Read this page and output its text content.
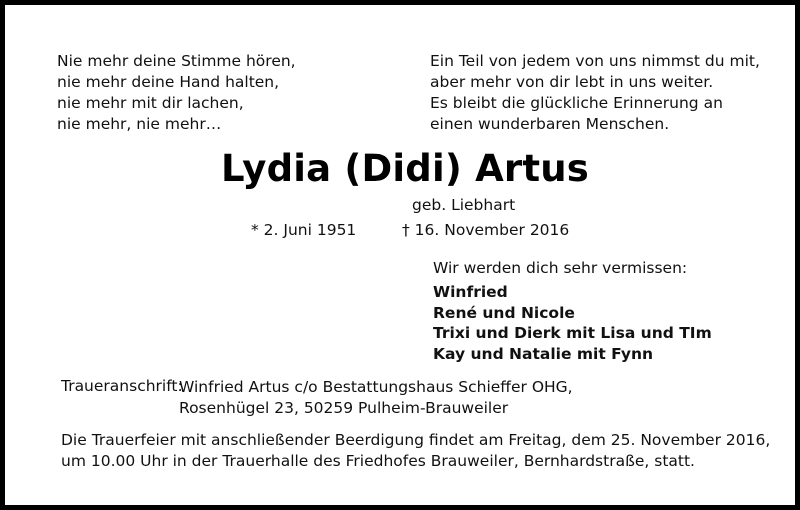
Nie mehr deine Stimme hören,
nie mehr deine Hand halten,
nie mehr mit dir lachen,
nie mehr, nie mehr…
Ein Teil von jedem von uns nimmst du mit,
aber mehr von dir lebt in uns weiter.
Es bleibt die glückliche Erinnerung an
einen wunderbaren Menschen.
Lydia (Didi) Artus
geb. Liebhart
* 2. Juni 1951	† 16. November 2016
Wir werden dich sehr vermissen:
Winfried
René und Nicole
Trixi und Dierk mit Lisa und TIm
Kay und Natalie mit Fynn
Traueranschrift:
Winfried Artus c/o Bestattungshaus Schieffer OHG,
Rosenhügel 23, 50259 Pulheim-Brauweiler
Die Trauerfeier mit anschließender Beerdigung findet am Freitag, dem 25. November 2016,
um 10.00 Uhr in der Trauerhalle des Friedhofes Brauweiler, Bernhardstraße, statt.
